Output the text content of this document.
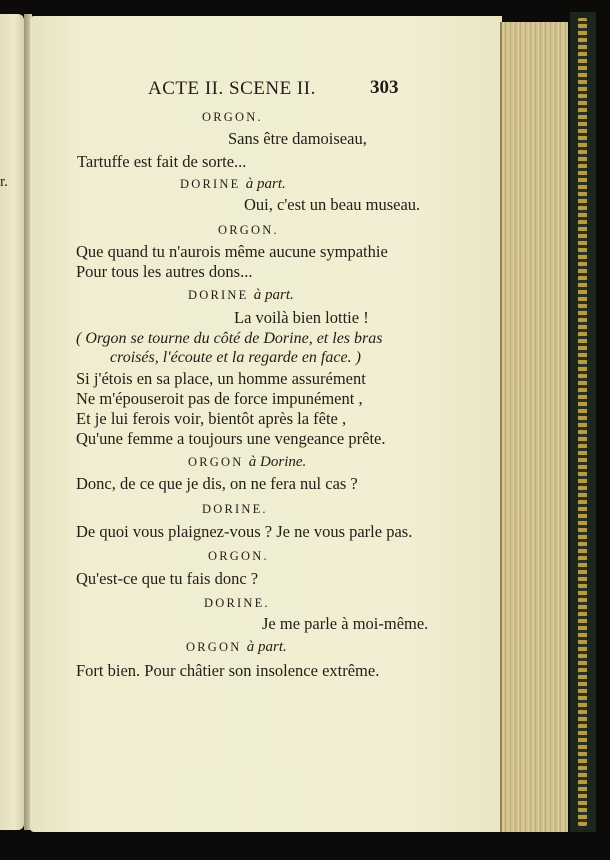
r.
ACTE II. SCENE II.	303
ORGON.
Sans être damoiseau,
Tartuffe est fait de sorte...
DORINE à part.
Oui, c'est un beau museau.
ORGON.
Que quand tu n'aurois même aucune sympathie
Pour tous les autres dons...
DORINE à part.
La voilà bien lottie !
( Orgon se tourne du côté de Dorine, et les bras
croisés, l'écoute et la regarde en face. )
Si j'étois en sa place, un homme assurément
Ne m'épouseroit pas de force impunément ,
Et je lui ferois voir, bientôt après la fête ,
Qu'une femme a toujours une vengeance prête.
ORGON à Dorine.
Donc, de ce que je dis, on ne fera nul cas ?
DORINE.
De quoi vous plaignez-vous ? Je ne vous parle pas.
ORGON.
Qu'est-ce que tu fais donc ?
DORINE.
Je me parle à moi-même.
ORGON à part.
Fort bien. Pour châtier son insolence extrême.
